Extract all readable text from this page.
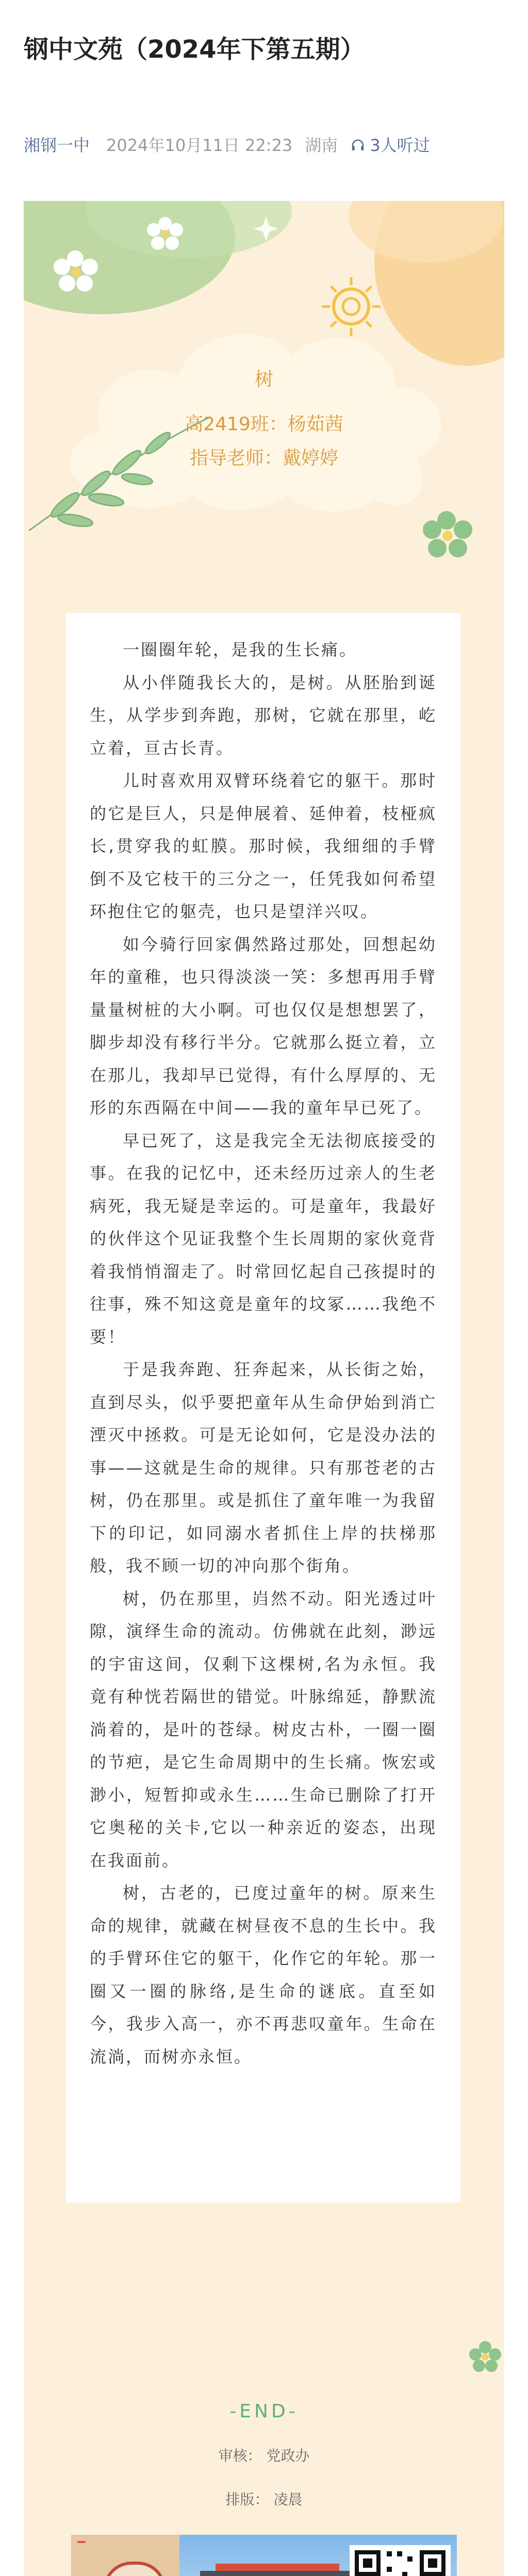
钢中文苑（2024年下第五期）
湘钢一中 2024年10月11日 22:23 湖南 3人听过
树
高2419班：杨茹茜
指导老师：戴婷婷

一圈圈年轮，是我的生长痛。

从小伴随我长大的，是树。从胚胎到诞生，从学步到奔跑，那树，它就在那里，屹立着，亘古长青。

儿时喜欢用双臂环绕着它的躯干。那时的它是巨人，只是伸展着、延伸着，枝桠疯长,贯穿我的虹膜。那时候，我细细的手臂倒不及它枝干的三分之一，任凭我如何希望环抱住它的躯壳，也只是望洋兴叹。

如今骑行回家偶然路过那处，回想起幼年的童稚，也只得淡淡一笑：多想再用手臂量量树桩的大小啊。可也仅仅是想想罢了，脚步却没有移行半分。它就那么挺立着，立在那儿，我却早已觉得，有什么厚厚的、无形的东西隔在中间——我的童年早已死了。

早已死了，这是我完全无法彻底接受的事。在我的记忆中，还未经历过亲人的生老病死，我无疑是幸运的。可是童年，我最好的伙伴这个见证我整个生长周期的家伙竟背着我悄悄溜走了。时常回忆起自己孩提时的往事，殊不知这竟是童年的坟冢……我绝不要！

于是我奔跑、狂奔起来，从长街之始，直到尽头，似乎要把童年从生命伊始到消亡湮灭中拯救。可是无论如何，它是没办法的事——这就是生命的规律。只有那苍老的古树，仍在那里。或是抓住了童年唯一为我留下的印记，如同溺水者抓住上岸的扶梯那般，我不顾一切的冲向那个街角。

树，仍在那里，岿然不动。阳光透过叶隙，演绎生命的流动。仿佛就在此刻，渺远的宇宙这间，仅剩下这棵树,名为永恒。我竟有种恍若隔世的错觉。叶脉绵延，静默流淌着的，是叶的苍绿。树皮古朴，一圈一圈的节疤，是它生命周期中的生长痛。恢宏或渺小，短暂抑或永生……生命已删除了打开它奥秘的关卡,它以一种亲近的姿态，出现在我面前。

树，古老的，已度过童年的树。原来生命的规律，就藏在树昼夜不息的生长中。我的手臂环住它的躯干，化作它的年轮。那一圈又一圈的脉络,是生命的谜底。直至如今，我步入高一，亦不再悲叹童年。生命在流淌，而树亦永恒。

-END-
审核： 党政办
排版： 凌晨
